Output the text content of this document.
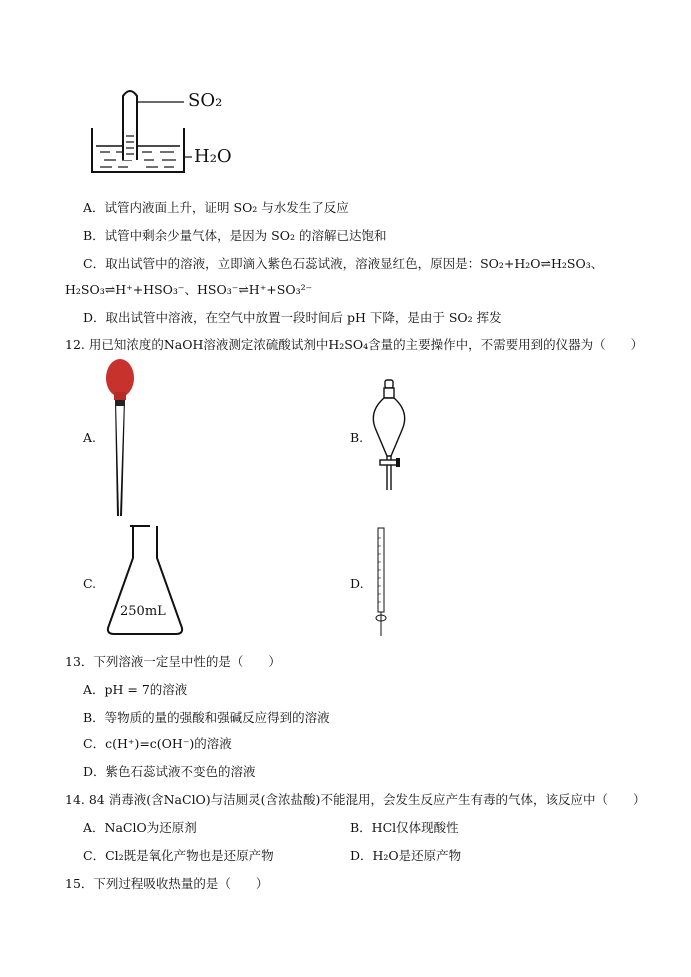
SO₂
H₂O
A．试管内液面上升，证明 SO₂ 与水发生了反应
B．试管中剩余少量气体，是因为 SO₂ 的溶解已达饱和
C．取出试管中的溶液，立即滴入紫色石蕊试液，溶液显红色，原因是：SO₂+H₂O⇌H₂SO₃、
H₂SO₃⇌H⁺+HSO₃⁻、HSO₃⁻⇌H⁺+SO₃²⁻
D．取出试管中溶液，在空气中放置一段时间后 pH 下降，是由于 SO₂ 挥发
12. 用已知浓度的NaOH溶液测定浓硫酸试剂中H₂SO₄含量的主要操作中，不需要用到的仪器为（　　）
A.	B.
C.
250mL
D.
13．下列溶液一定呈中性的是（　　）
A．pH = 7的溶液
B．等物质的量的强酸和强碱反应得到的溶液
C．c(H⁺)=c(OH⁻)的溶液
D．紫色石蕊试液不变色的溶液
14. 84 消毒液(含NaClO)与洁厕灵(含浓盐酸)不能混用，会发生反应产生有毒的气体，该反应中（　　）
A．NaClO为还原剂	B．HCl仅体现酸性
C．Cl₂既是氧化产物也是还原产物	D．H₂O是还原产物
15．下列过程吸收热量的是（　　）
